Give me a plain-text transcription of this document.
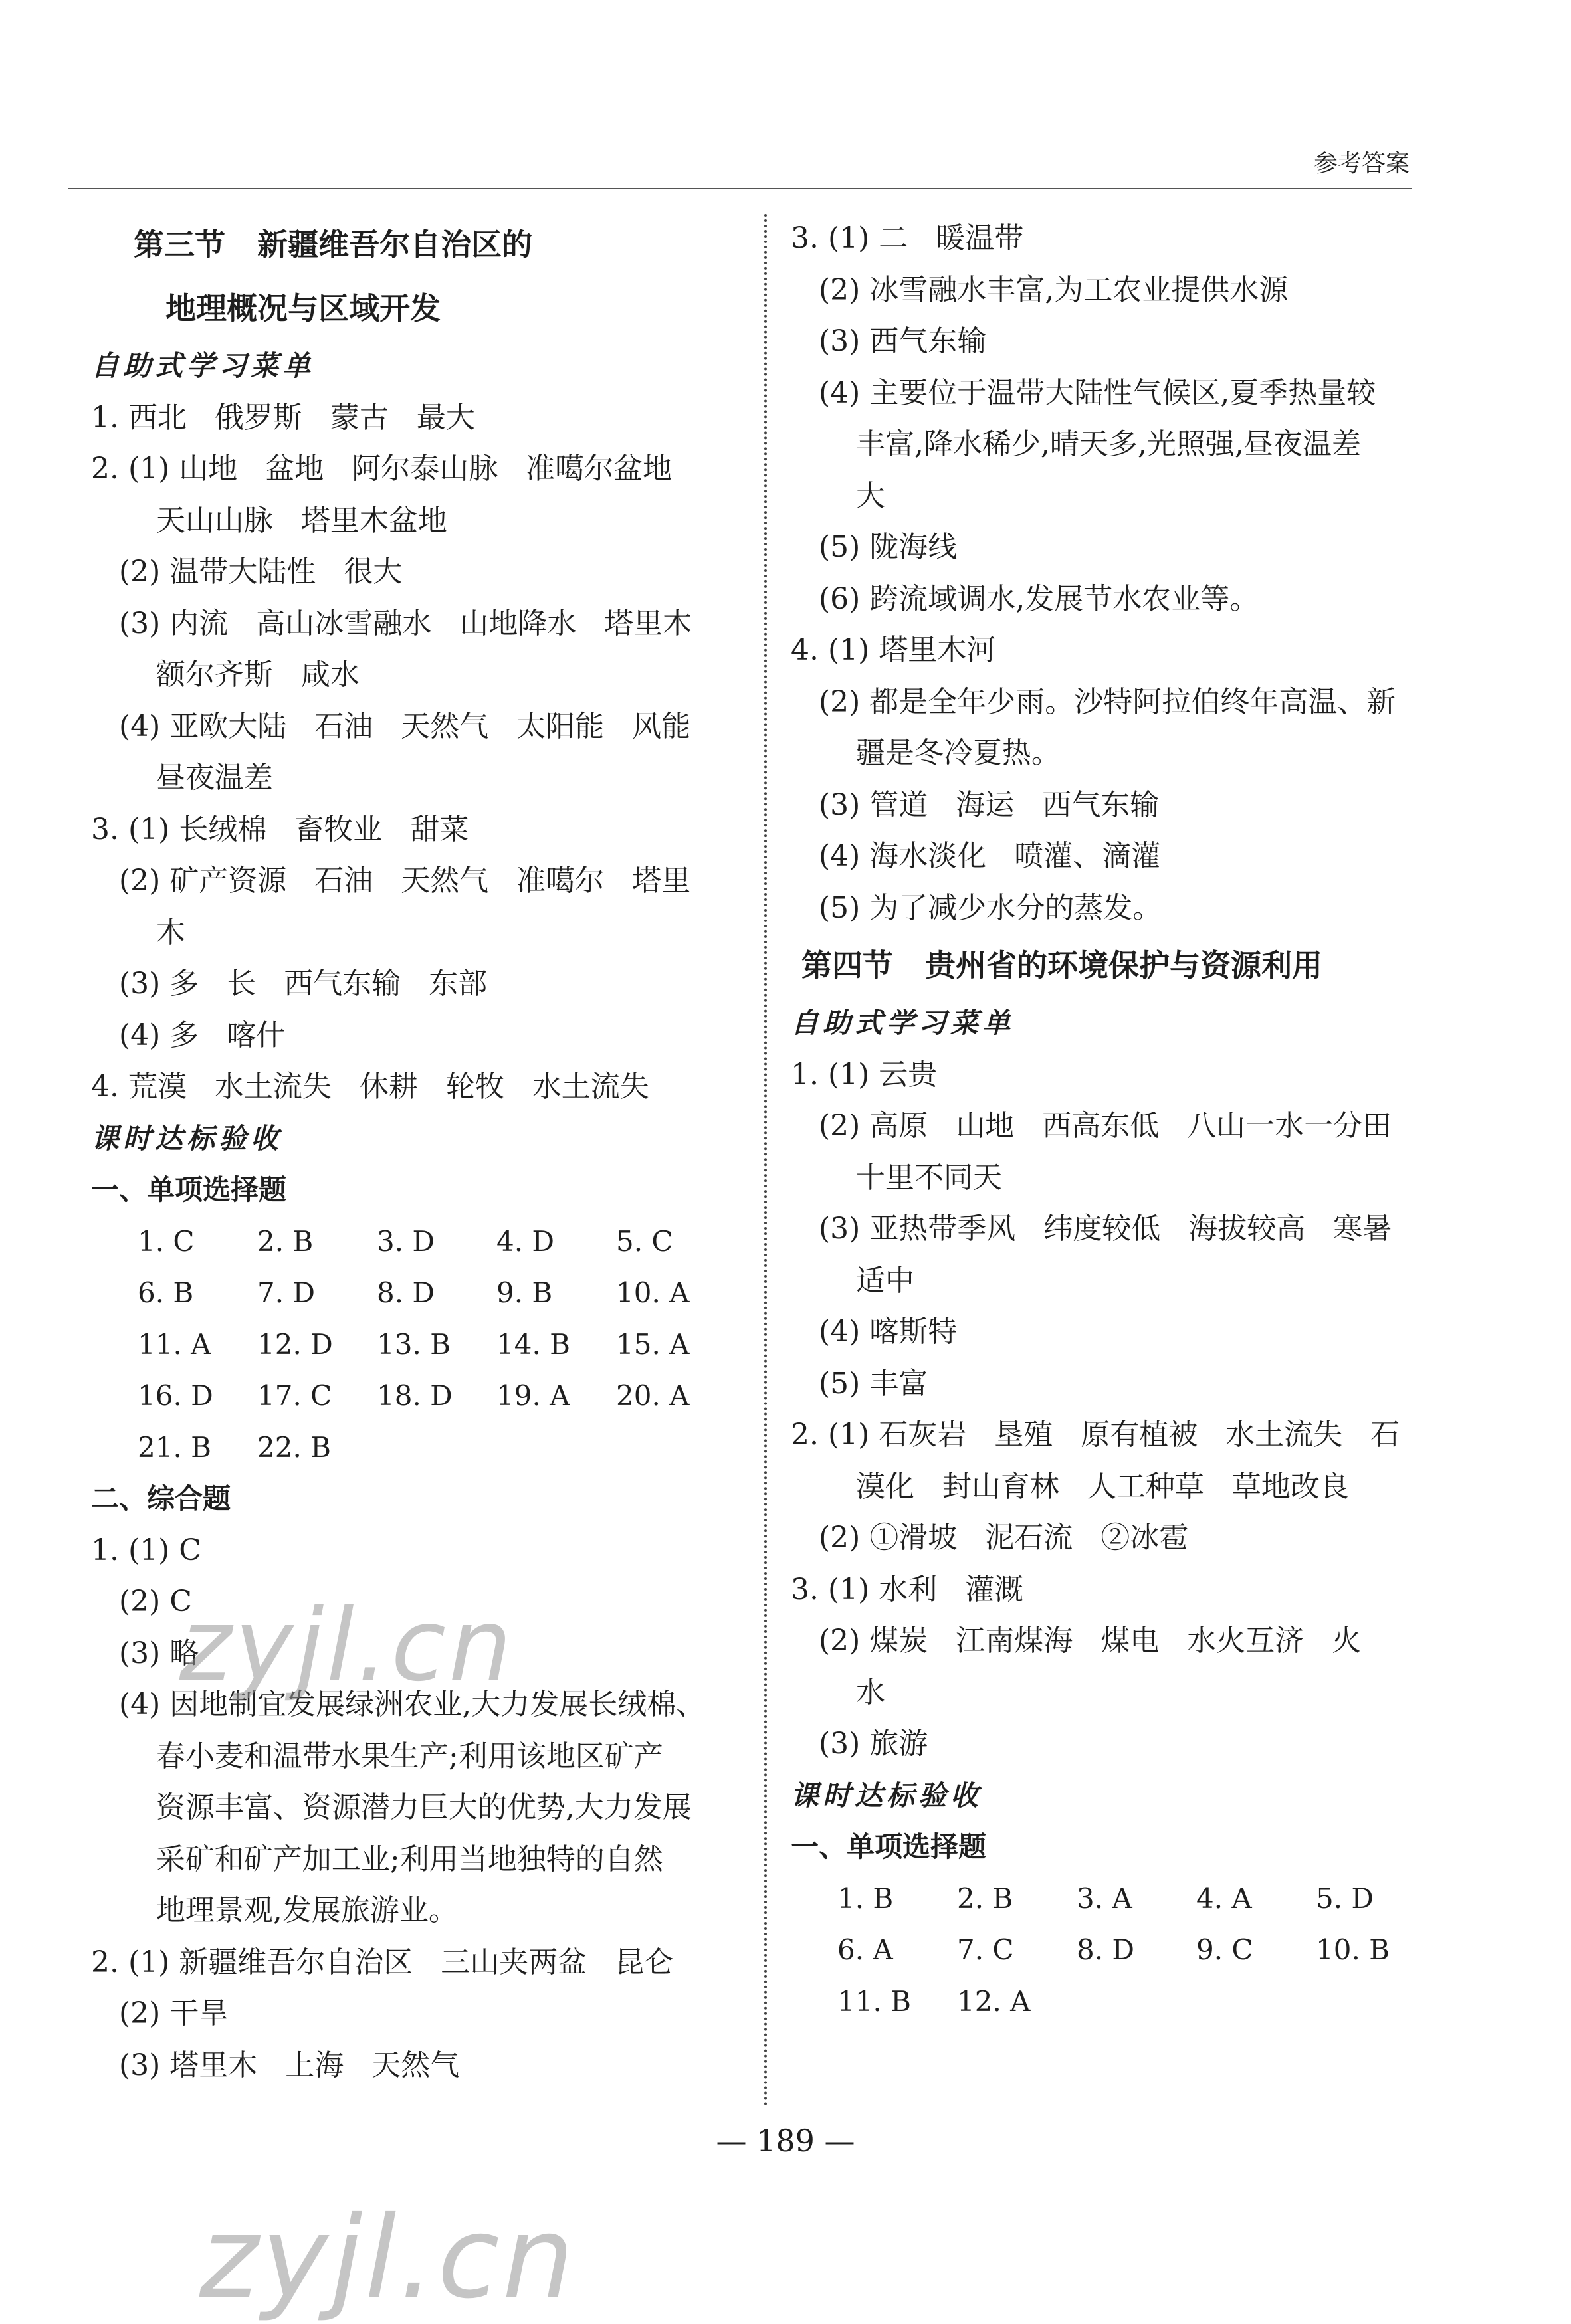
参考答案
第三节   新疆维吾尔自治区的
地理概况与区域开发
自助式学习菜单
1. 西北   俄罗斯   蒙古   最大
2. (1) 山地   盆地   阿尔泰山脉   准噶尔盆地
天山山脉   塔里木盆地
(2) 温带大陆性   很大
(3) 内流   高山冰雪融水   山地降水   塔里木
额尔齐斯   咸水
(4) 亚欧大陆   石油   天然气   太阳能   风能
昼夜温差
3. (1) 长绒棉   畜牧业   甜菜
(2) 矿产资源   石油   天然气   准噶尔   塔里
木
(3) 多   长   西气东输   东部
(4) 多   喀什
4. 荒漠   水土流失   休耕   轮牧   水土流失
课时达标验收
一、单项选择题
1. C	2. B	3. D	4. D	5. C
6. B	7. D	8. D	9. B	10. A
11. A	12. D	13. B	14. B	15. A
16. D	17. C	18. D	19. A	20. A
21. B	22. B
二、综合题
1. (1) C
(2) C
(3) 略
(4) 因地制宜发展绿洲农业,大力发展长绒棉、
春小麦和温带水果生产;利用该地区矿产
资源丰富、资源潜力巨大的优势,大力发展
采矿和矿产加工业;利用当地独特的自然
地理景观,发展旅游业。
2. (1) 新疆维吾尔自治区   三山夹两盆   昆仑
(2) 干旱
(3) 塔里木   上海   天然气
3. (1) 二   暖温带
(2) 冰雪融水丰富,为工农业提供水源
(3) 西气东输
(4) 主要位于温带大陆性气候区,夏季热量较
丰富,降水稀少,晴天多,光照强,昼夜温差
大
(5) 陇海线
(6) 跨流域调水,发展节水农业等。
4. (1) 塔里木河
(2) 都是全年少雨。沙特阿拉伯终年高温、新
疆是冬冷夏热。
(3) 管道   海运   西气东输
(4) 海水淡化   喷灌、滴灌
(5) 为了减少水分的蒸发。
第四节   贵州省的环境保护与资源利用
自助式学习菜单
1. (1) 云贵
(2) 高原   山地   西高东低   八山一水一分田
十里不同天
(3) 亚热带季风   纬度较低   海拔较高   寒暑
适中
(4) 喀斯特
(5) 丰富
2. (1) 石灰岩   垦殖   原有植被   水土流失   石
漠化   封山育林   人工种草   草地改良
(2) ①滑坡   泥石流   ②冰雹
3. (1) 水利   灌溉
(2) 煤炭   江南煤海   煤电   水火互济   火
水
(3) 旅游
课时达标验收
一、单项选择题
1. B	2. B	3. A	4. A	5. D
6. A	7. C	8. D	9. C	10. B
11. B	12. A
— 189 —
zyjl.cn
zyjl.cn
